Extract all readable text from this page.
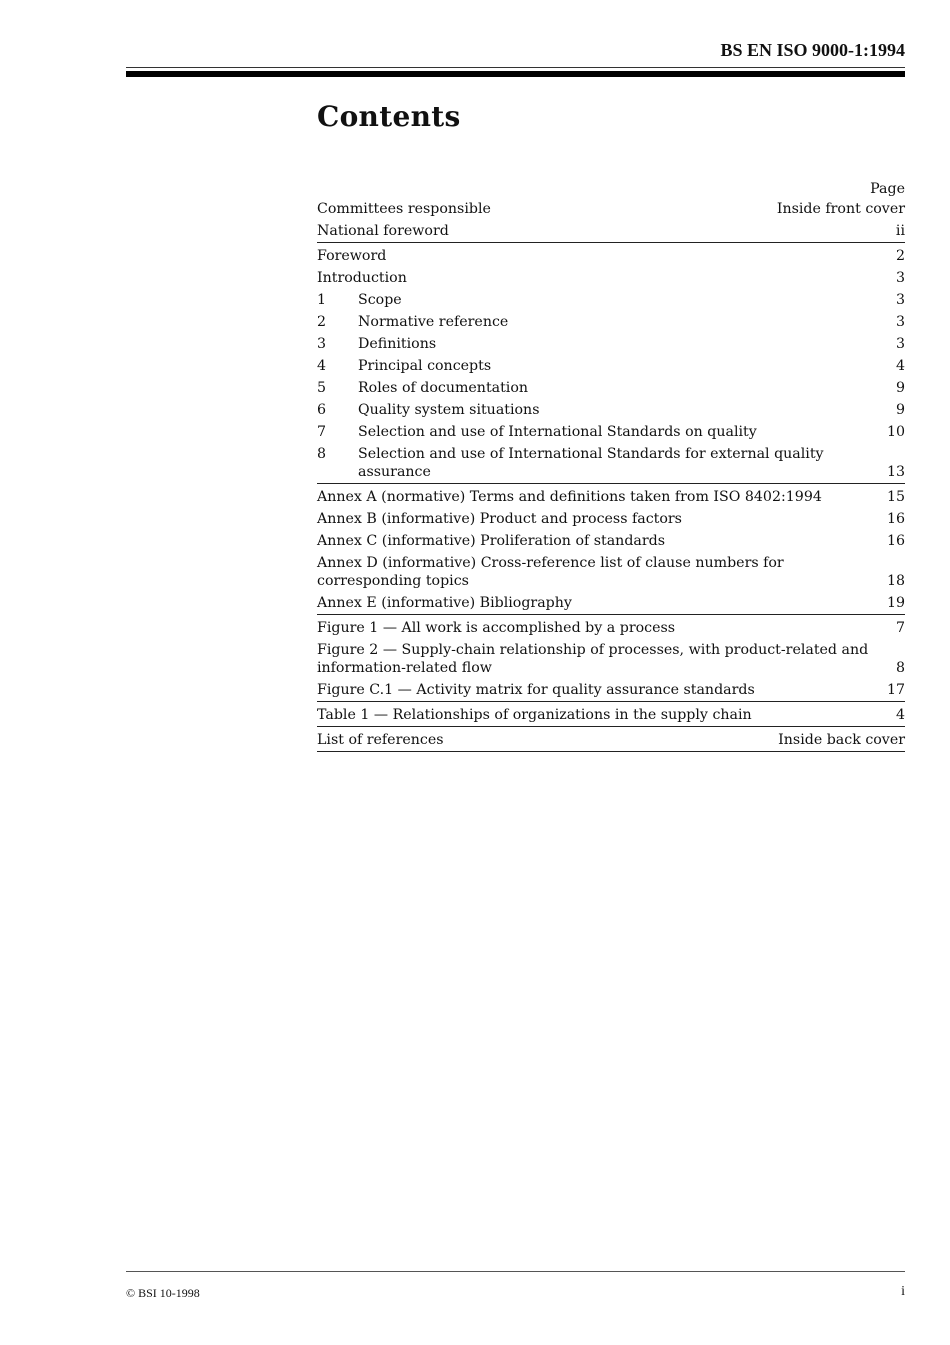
BS EN ISO 9000-1:1994
Contents
Page
Committees responsible	Inside front cover
National foreword	ii
Foreword	2
Introduction	3
1	Scope	3
2	Normative reference	3
3	Definitions	3
4	Principal concepts	4
5	Roles of documentation	9
6	Quality system situations	9
7	Selection and use of International Standards on quality	10
8	Selection and use of International Standards for external quality assurance	13
Annex A (normative) Terms and definitions taken from ISO 8402:1994	15
Annex B (informative) Product and process factors	16
Annex C (informative) Proliferation of standards	16
Annex D (informative) Cross-reference list of clause numbers for corresponding topics	18
Annex E (informative) Bibliography	19
Figure 1 — All work is accomplished by a process	7
Figure 2 — Supply-chain relationship of processes, with product-related and information-related flow	8
Figure C.1 — Activity matrix for quality assurance standards	17
Table 1 — Relationships of organizations in the supply chain	4
List of references	Inside back cover
© BSI 10-1998	i
